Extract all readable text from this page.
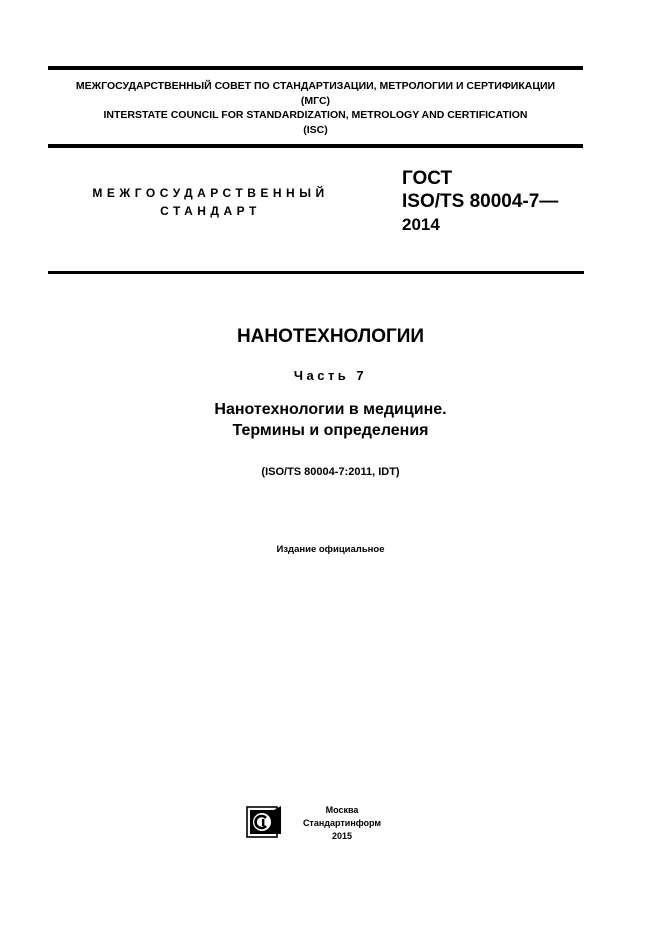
МЕЖГОСУДАРСТВЕННЫЙ СОВЕТ ПО СТАНДАРТИЗАЦИИ, МЕТРОЛОГИИ И СЕРТИФИКАЦИИ
(МГС)
INTERSTATE COUNCIL FOR STANDARDIZATION, METROLOGY AND CERTIFICATION
(ISC)
МЕЖГОСУДАРСТВЕННЫЙ
СТАНДАРТ
ГОСТ
ISO/TS 80004-7—
2014
НАНОТЕХНОЛОГИИ
Часть 7
Нанотехнологии в медицине.
Термины и определения
(ISO/TS 80004-7:2011, IDT)
Издание официальное
Москва
Стандартинформ
2015
